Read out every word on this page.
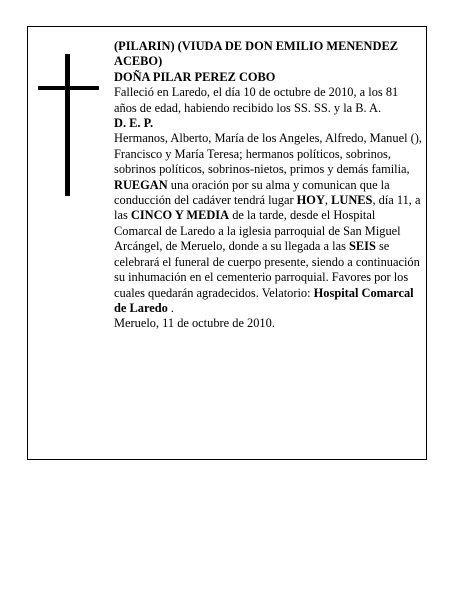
(PILARIN) (VIUDA DE DON EMILIO MENENDEZ ACEBO)

DOÑA PILAR PEREZ COBO

Falleció en Laredo, el día 10 de octubre de 2010, a los 81 años de edad, habiendo recibido los SS. SS. y la B. A.

D. E. P.

Hermanos, Alberto, María de los Angeles, Alfredo, Manuel (), Francisco y María Teresa; hermanos políticos, sobrinos, sobrinos políticos, sobrinos-nietos, primos y demás familia,

RUEGAN una oración por su alma y comunican que la conducción del cadáver tendrá lugar HOY, LUNES, día 11, a las CINCO Y MEDIA de la tarde, desde el Hospital Comarcal de Laredo a la iglesia parroquial de San Miguel Arcángel, de Meruelo, donde a su llegada a las SEIS se celebrará el funeral de cuerpo presente, siendo a continuación su inhumación en el cementerio parroquial. Favores por los cuales quedarán agradecidos. Velatorio: Hospital Comarcal de Laredo .

Meruelo, 11 de octubre de 2010.
